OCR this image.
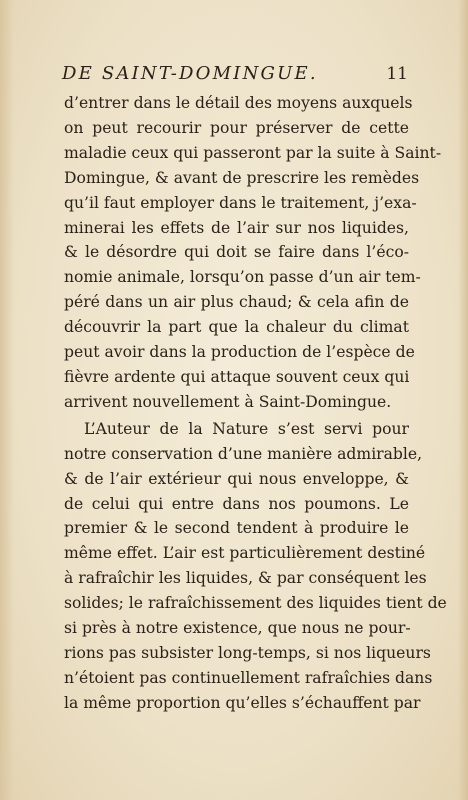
DE SAINT-DOMINGUE.	11

d’entrer dans le détail des moyens auxquels
on peut recourir pour préserver de cette
maladie ceux qui passeront par la suite à Saint-
Domingue, & avant de prescrire les remèdes
qu’il faut employer dans le traitement, j’exa-
minerai les effets de l’air sur nos liquides,
& le désordre qui doit se faire dans l’éco-
nomie animale, lorsqu’on passe d’un air tem-
péré dans un air plus chaud; & cela afin de
découvrir la part que la chaleur du climat
peut avoir dans la production de l’espèce de
fièvre ardente qui attaque souvent ceux qui
arrivent nouvellement à Saint-Domingue.

L’Auteur de la Nature s’est servi pour
notre conservation d’une manière admirable,
& de l’air extérieur qui nous enveloppe, &
de celui qui entre dans nos poumons. Le
premier & le second tendent à produire le
même effet. L’air est particulièrement destiné
à rafraîchir les liquides, & par conséquent les
solides; le rafraîchissement des liquides tient de
si près à notre existence, que nous ne pour-
rions pas subsister long-temps, si nos liqueurs
n’étoient pas continuellement rafraîchies dans
la même proportion qu’elles s’échauffent par
